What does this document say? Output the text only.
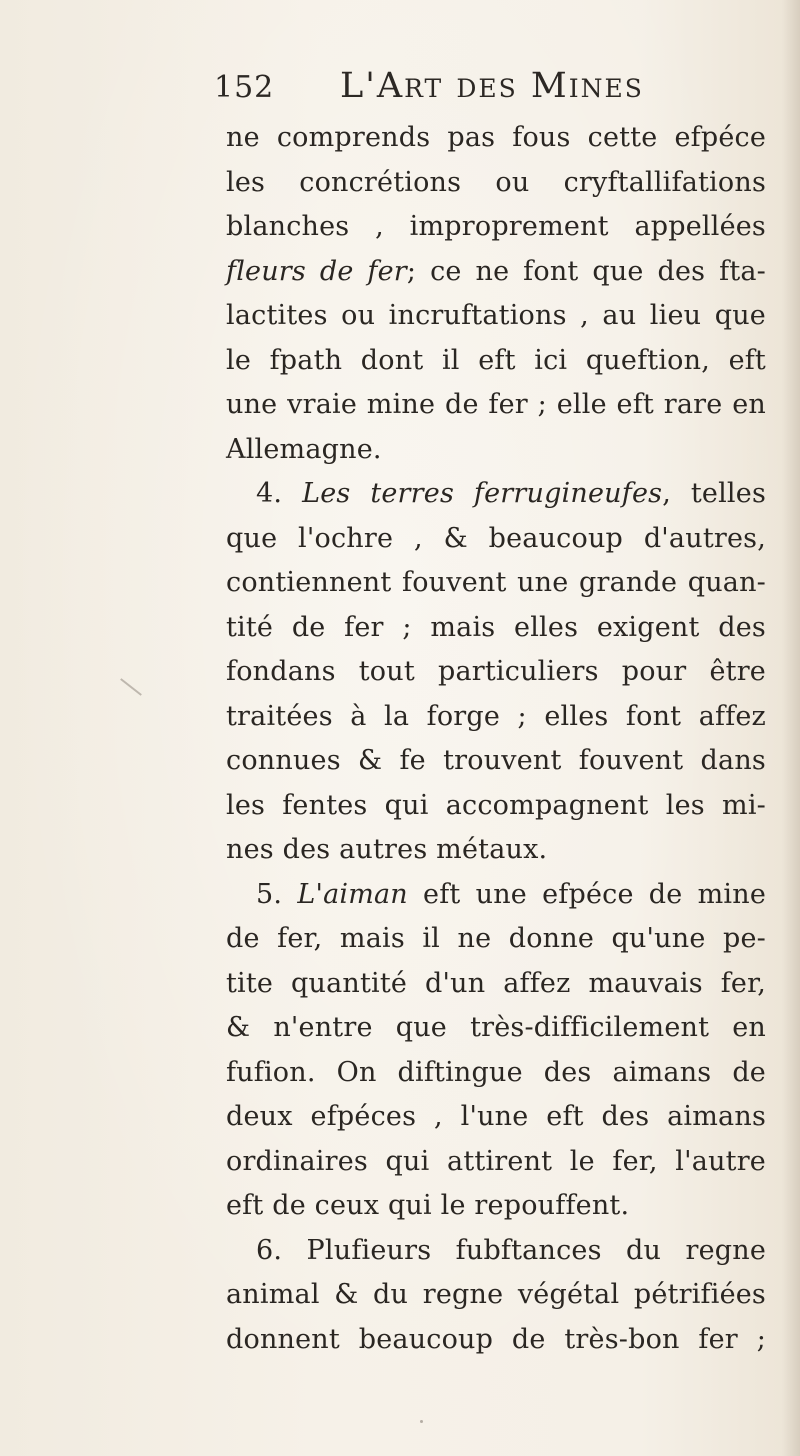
152 L'Art des Mines
ne comprends pas fous cette efpéce
les concrétions ou cryftallifations
blanches , improprement appellées
fleurs de fer; ce ne font que des fta-
lactites ou incruftations , au lieu que
le fpath dont il eft ici queftion, eft
une vraie mine de fer ; elle eft rare en
Allemagne.
4. Les terres ferrugineufes, telles
que l'ochre , & beaucoup d'autres,
contiennent fouvent une grande quan-
tité de fer ; mais elles exigent des
fondans tout particuliers pour être
traitées à la forge ; elles font affez
connues & fe trouvent fouvent dans
les fentes qui accompagnent les mi-
nes des autres métaux.
5. L'aiman eft une efpéce de mine
de fer, mais il ne donne qu'une pe-
tite quantité d'un affez mauvais fer,
& n'entre que très-difficilement en
fufion. On diftingue des aimans de
deux efpéces , l'une eft des aimans
ordinaires qui attirent le fer, l'autre
eft de ceux qui le repouffent.
6. Plufieurs fubftances du regne
animal & du regne végétal pétrifiées
donnent beaucoup de très-bon fer ;
